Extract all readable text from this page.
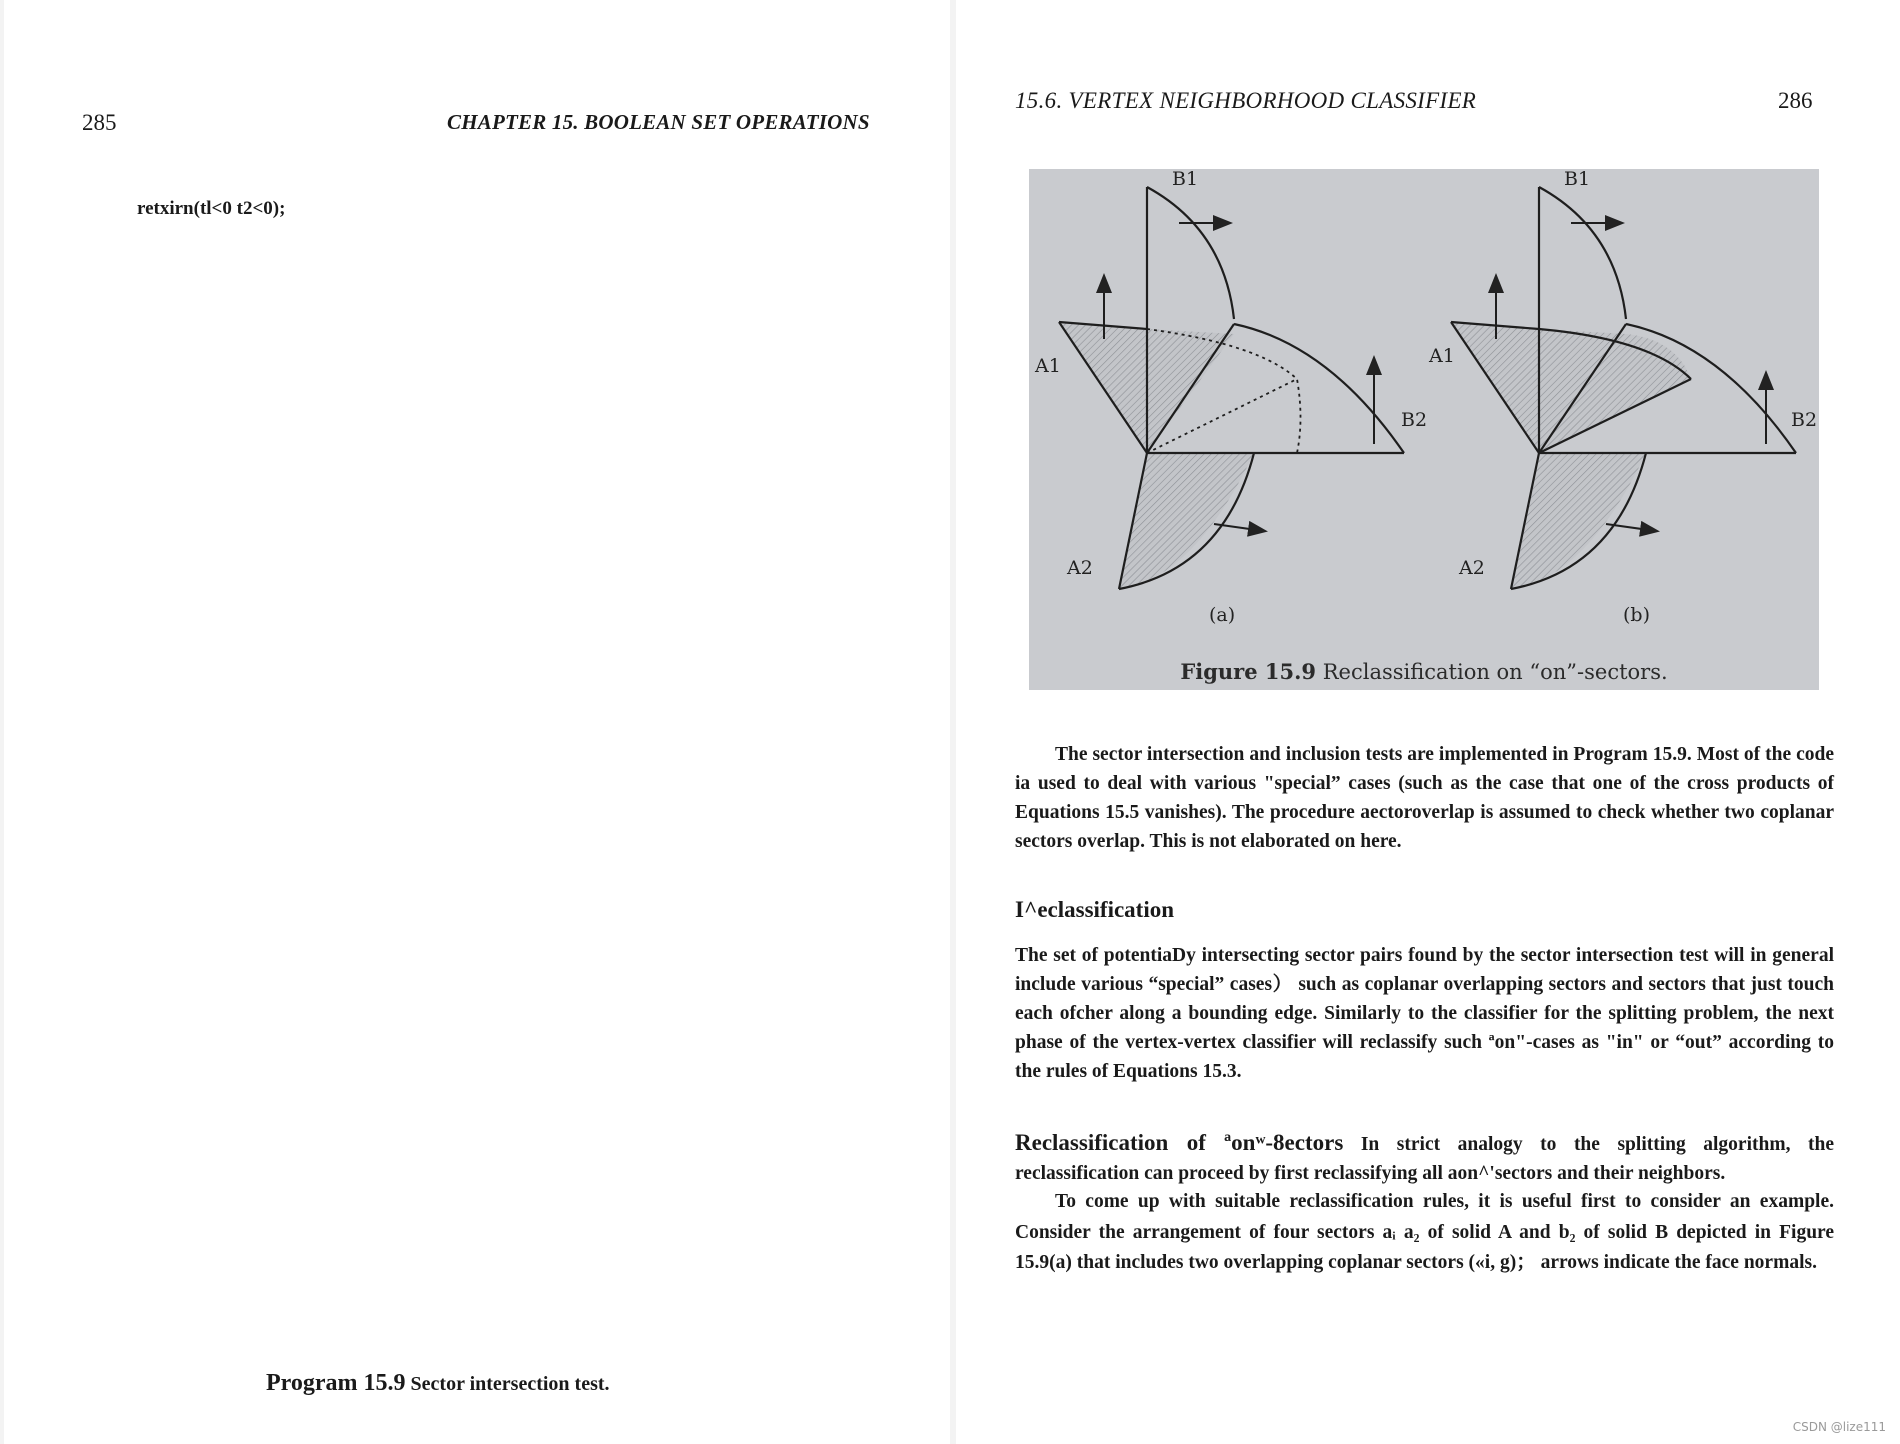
285	CHAPTER 15. BOOLEAN SET OPERATIONS
retxirn(tl<0 t2<0);
Program 15.9 Sector intersection test.
15.6. VERTEX NEIGHBORHOOD CLASSIFIER	286
B1
A1
B2
A2
(a)
B1
A1
B2
A2
(b)
Figure 15.9 Reclassification on “on”-sectors.

The sector intersection and inclusion tests are implemented in Program 15.9. Most of the code ia used to deal with various "special” cases (such as the case that one of the cross products of Equations 15.5 vanishes). The procedure aectoroverlap is assumed to check whether two coplanar sectors overlap. This is not elaborated on here.

I^eclassification

The set of potentiaDy intersecting sector pairs found by the sector intersection test will in general include various “special” cases） such as coplanar overlapping sectors and sectors that just touch each ofcher along a bounding edge. Similarly to the classifier for the splitting problem, the next phase of the vertex-vertex classifier will reclassify such ªon"-cases as "in" or “out” according to the rules of Equations 15.3.

Reclassification of ªonʷ-8ectors In strict analogy to the splitting algorithm, the reclassification can proceed by first reclassifying all aon^'sectors and their neighbors.

To come up with suitable reclassification rules, it is useful first to consider an example. Consider the arrangement of four sectors aᵢ a₂ of solid A and b₂ of solid B depicted in Figure 15.9(a) that includes two overlapping coplanar sectors («i, g)； arrows indicate the face normals.

CSDN @lize111
